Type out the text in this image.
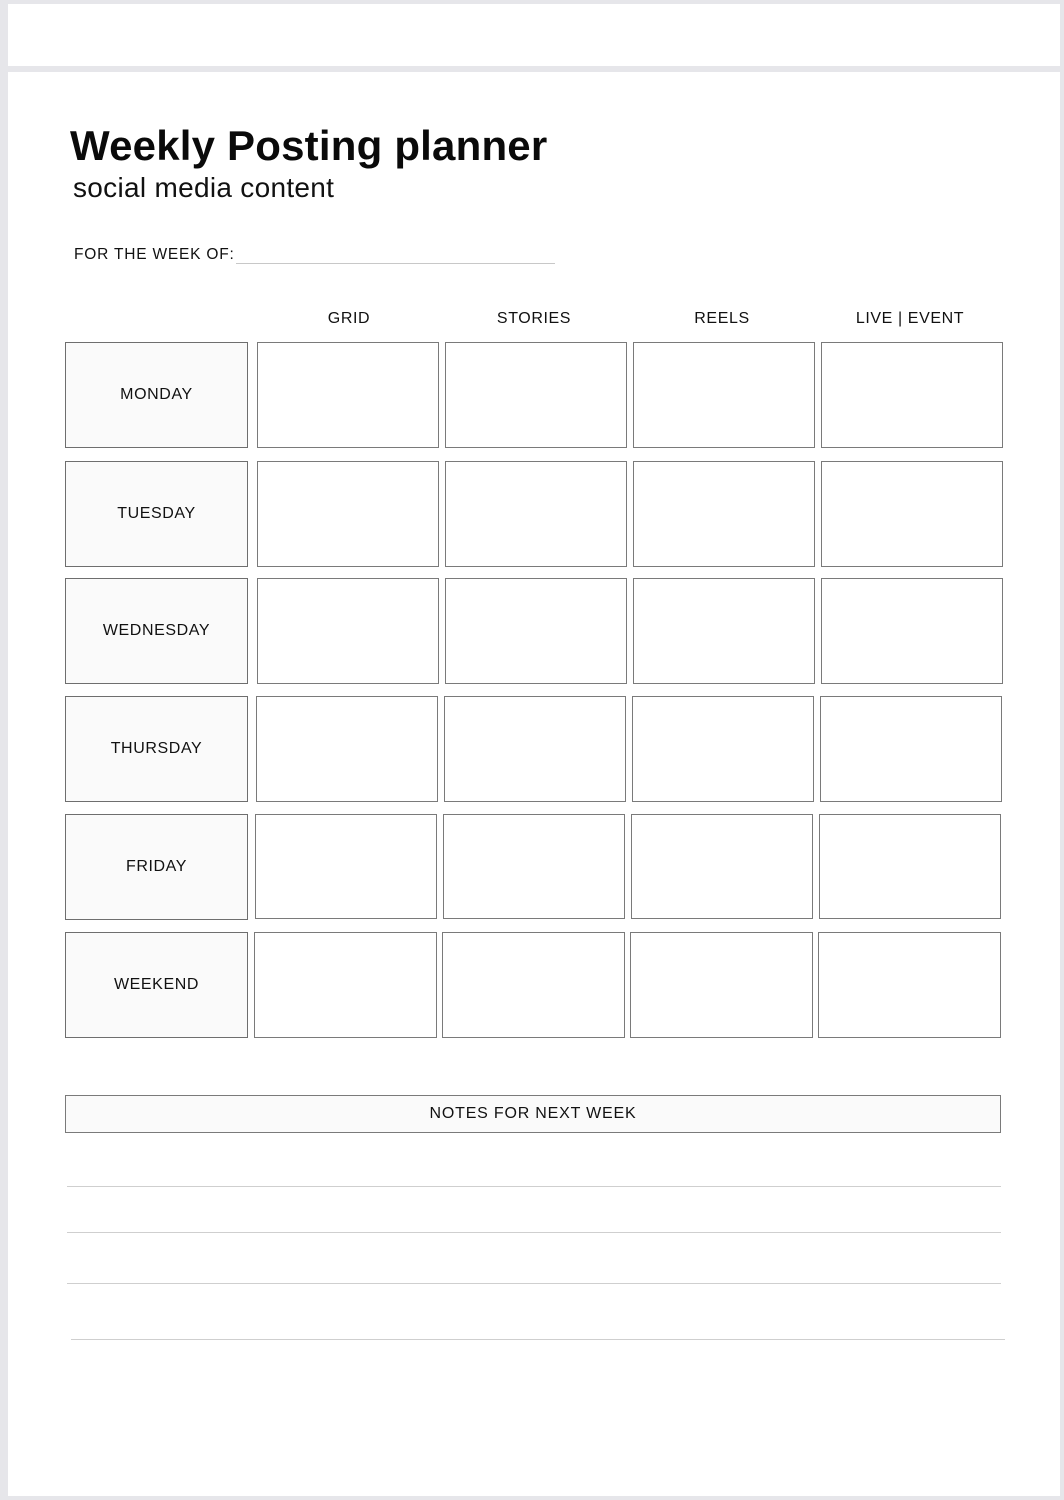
Weekly Posting planner
social media content
FOR THE WEEK OF:
GRID	STORIES	REELS	LIVE | EVENT
MONDAY
TUESDAY
WEDNESDAY
THURSDAY
FRIDAY
WEEKEND
NOTES FOR NEXT WEEK
